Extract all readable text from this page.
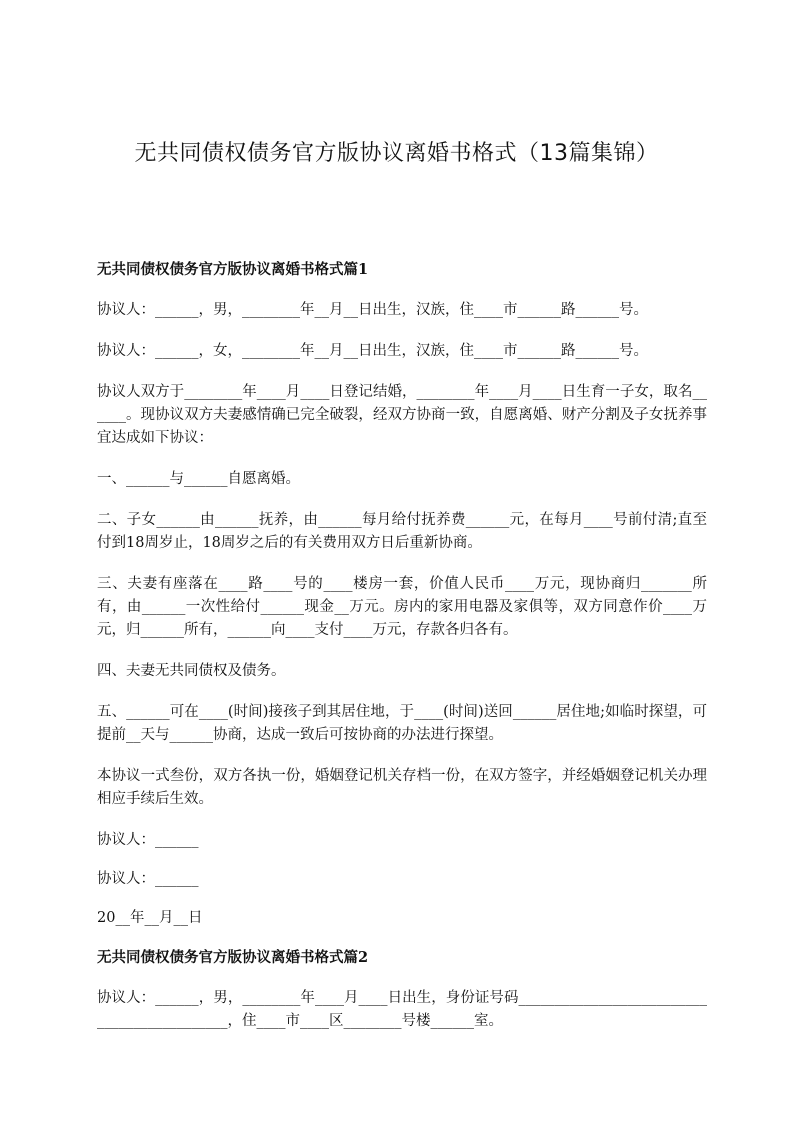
无共同债权债务官方版协议离婚书格式（13篇集锦）
无共同债权债务官方版协议离婚书格式篇1
协议人：______，男，________年__月__日出生，汉族，住____市______路______号。
协议人：______，女，________年__月__日出生，汉族，住____市______路______号。
协议人双方于________年____月____日登记结婚，________年____月____日生育一子女，取名______。现协议双方夫妻感情确已完全破裂，经双方协商一致，自愿离婚、财产分割及子女抚养事宜达成如下协议：
一、______与______自愿离婚。
二、子女______由______抚养，由______每月给付抚养费______元，在每月____号前付清;直至付到18周岁止，18周岁之后的有关费用双方日后重新协商。
三、夫妻有座落在____路____号的____楼房一套，价值人民币____万元，现协商归_______所有，由______一次性给付______现金__万元。房内的家用电器及家俱等，双方同意作价____万元，归______所有，______向____支付____万元，存款各归各有。
四、夫妻无共同债权及债务。
五、______可在____(时间)接孩子到其居住地，于____(时间)送回______居住地;如临时探望，可提前__天与______协商，达成一致后可按协商的办法进行探望。
本协议一式叁份，双方各执一份，婚姻登记机关存档一份，在双方签字，并经婚姻登记机关办理相应手续后生效。
协议人：______
协议人：______
20__年__月__日
无共同债权债务官方版协议离婚书格式篇2
协议人：______，男，________年____月____日出生，身份证号码____________________________________________，住____市____区________号楼______室。
